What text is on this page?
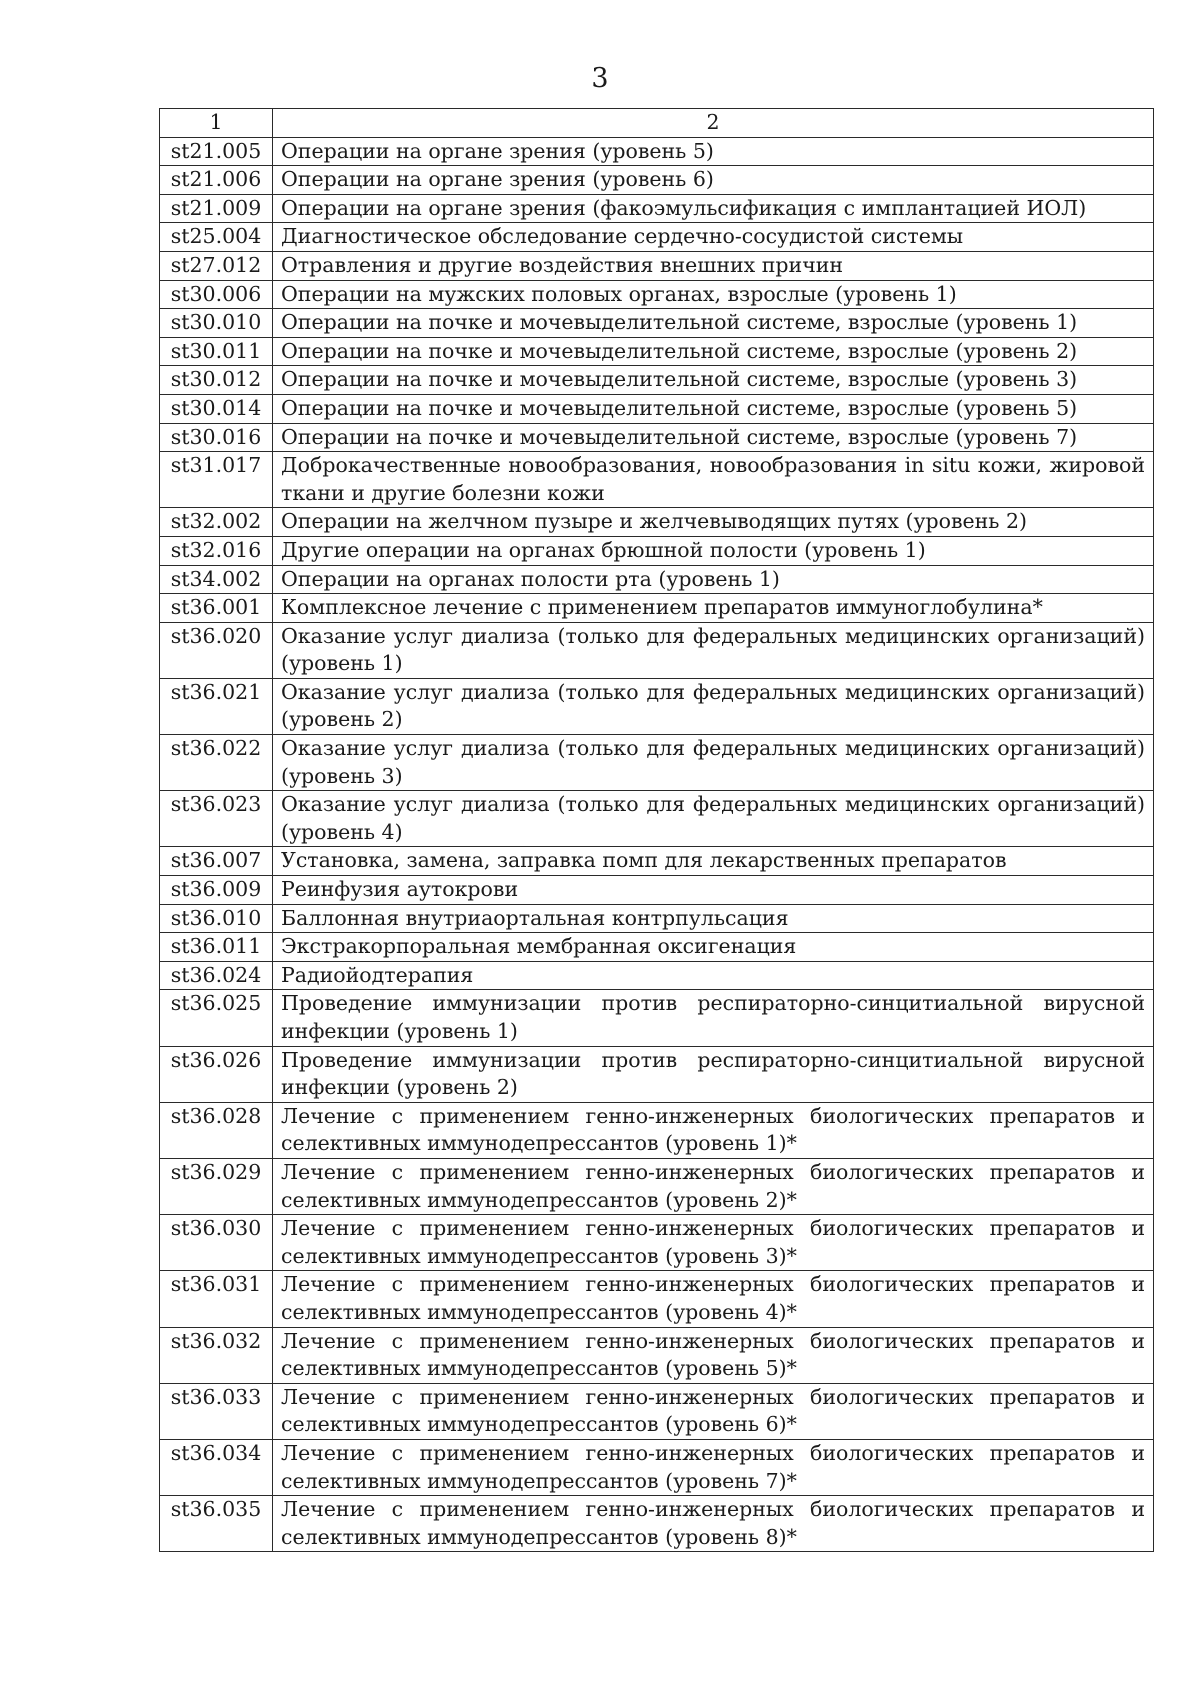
3
1	2
st21.005	Операции на органе зрения (уровень 5)
st21.006	Операции на органе зрения (уровень 6)
st21.009	Операции на органе зрения (факоэмульсификация с имплантацией ИОЛ)
st25.004	Диагностическое обследование сердечно-сосудистой системы
st27.012	Отравления и другие воздействия внешних причин
st30.006	Операции на мужских половых органах, взрослые (уровень 1)
st30.010	Операции на почке и мочевыделительной системе, взрослые (уровень 1)
st30.011	Операции на почке и мочевыделительной системе, взрослые (уровень 2)
st30.012	Операции на почке и мочевыделительной системе, взрослые (уровень 3)
st30.014	Операции на почке и мочевыделительной системе, взрослые (уровень 5)
st30.016	Операции на почке и мочевыделительной системе, взрослые (уровень 7)
st31.017	Доброкачественные новообразования, новообразования in situ кожи, жировой ткани и другие болезни кожи
st32.002	Операции на желчном пузыре и желчевыводящих путях (уровень 2)
st32.016	Другие операции на органах брюшной полости (уровень 1)
st34.002	Операции на органах полости рта (уровень 1)
st36.001	Комплексное лечение с применением препаратов иммуноглобулина*
st36.020	Оказание услуг диализа (только для федеральных медицинских организаций) (уровень 1)
st36.021	Оказание услуг диализа (только для федеральных медицинских организаций) (уровень 2)
st36.022	Оказание услуг диализа (только для федеральных медицинских организаций) (уровень 3)
st36.023	Оказание услуг диализа (только для федеральных медицинских организаций) (уровень 4)
st36.007	Установка, замена, заправка помп для лекарственных препаратов
st36.009	Реинфузия аутокрови
st36.010	Баллонная внутриаортальная контрпульсация
st36.011	Экстракорпоральная мембранная оксигенация
st36.024	Радиойодтерапия
st36.025	Проведение иммунизации против респираторно-синцитиальной вирусной инфекции (уровень 1)
st36.026	Проведение иммунизации против респираторно-синцитиальной вирусной инфекции (уровень 2)
st36.028	Лечение с применением генно-инженерных биологических препаратов и селективных иммунодепрессантов (уровень 1)*
st36.029	Лечение с применением генно-инженерных биологических препаратов и селективных иммунодепрессантов (уровень 2)*
st36.030	Лечение с применением генно-инженерных биологических препаратов и селективных иммунодепрессантов (уровень 3)*
st36.031	Лечение с применением генно-инженерных биологических препаратов и селективных иммунодепрессантов (уровень 4)*
st36.032	Лечение с применением генно-инженерных биологических препаратов и селективных иммунодепрессантов (уровень 5)*
st36.033	Лечение с применением генно-инженерных биологических препаратов и селективных иммунодепрессантов (уровень 6)*
st36.034	Лечение с применением генно-инженерных биологических препаратов и селективных иммунодепрессантов (уровень 7)*
st36.035	Лечение с применением генно-инженерных биологических препаратов и селективных иммунодепрессантов (уровень 8)*
